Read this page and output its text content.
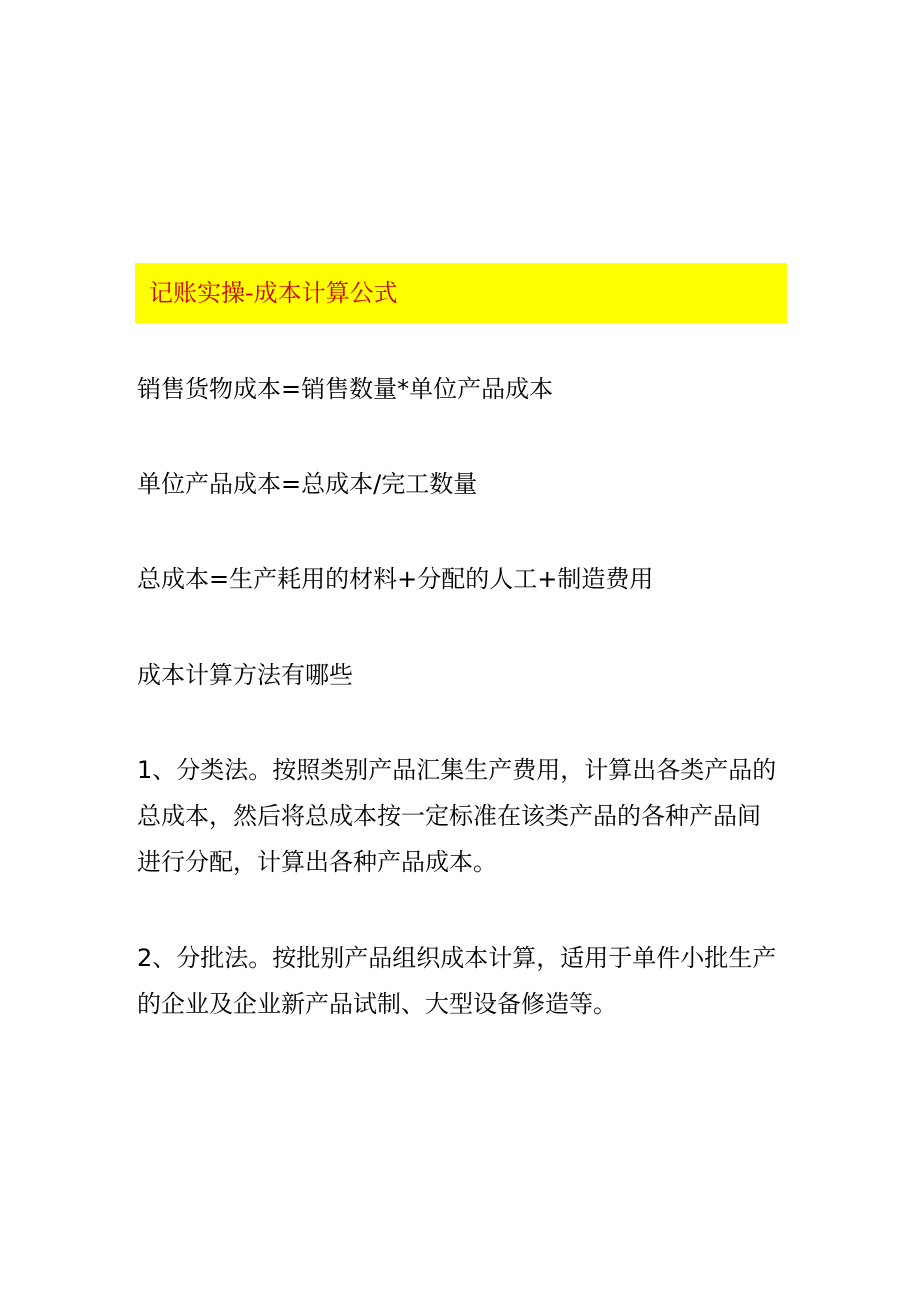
记账实操-成本计算公式
销售货物成本=销售数量*单位产品成本
单位产品成本=总成本/完工数量
总成本=生产耗用的材料+分配的人工+制造费用
成本计算方法有哪些
1、分类法。按照类别产品汇集生产费用，计算出各类产品的
总成本，然后将总成本按一定标准在该类产品的各种产品间
进行分配，计算出各种产品成本。
2、分批法。按批别产品组织成本计算，适用于单件小批生产
的企业及企业新产品试制、大型设备修造等。
